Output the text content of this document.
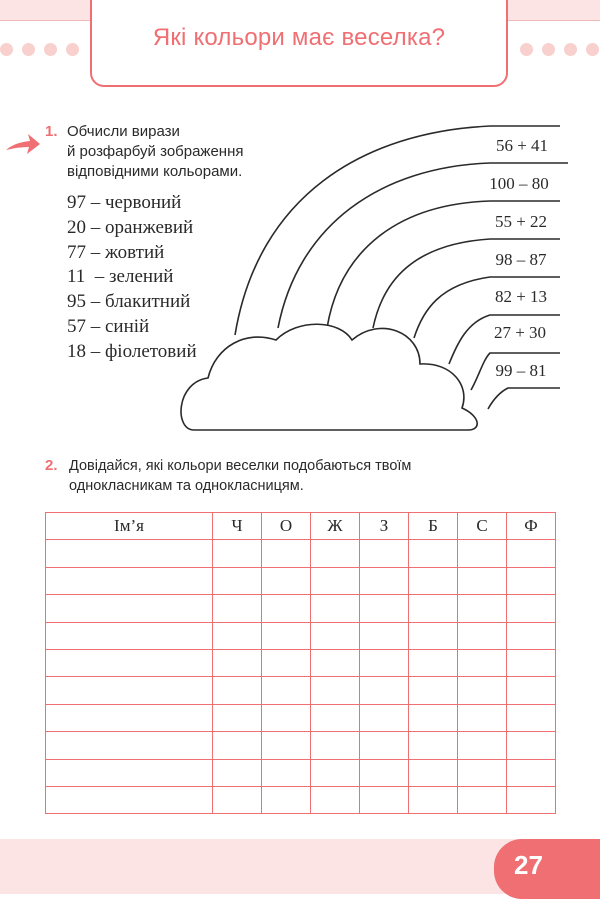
Які кольори має веселка?
1. Обчисли вирази
й розфарбуй зображення
відповідними кольорами.
97 – червоний
20 – оранжевий
77 – жовтий
11 – зелений
95 – блакитний
57 – синій
18 – фіолетовий
56 + 41
100 – 80
55 + 22
98 – 87
82 + 13
27 + 30
99 – 81
2. Довідайся, які кольори веселки подобаються твоїм
однокласникам та однокласницям.
Ім’я	Ч	О	Ж	З	Б	С	Ф

27
